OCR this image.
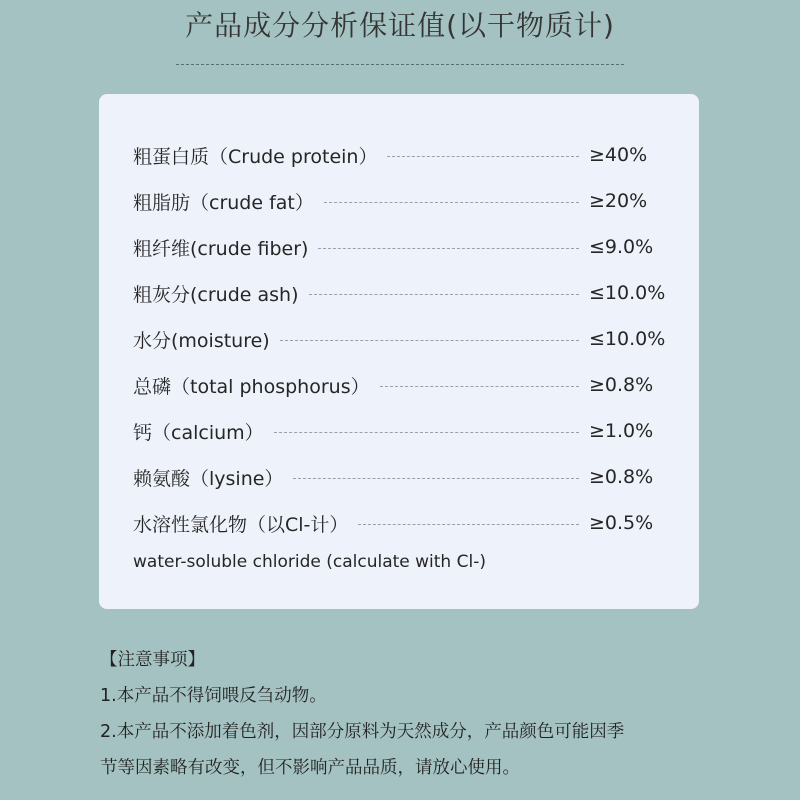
产品成分分析保证值(以干物质计)
粗蛋白质（Crude protein）	≥40%
粗脂肪（crude fat）	≥20%
粗纤维(crude fiber)	≤9.0%
粗灰分(crude ash)	≤10.0%
水分(moisture)	≤10.0%
总磷（total phosphorus）	≥0.8%
钙（calcium）	≥1.0%
赖氨酸（lysine）	≥0.8%
水溶性氯化物（以Cl-计）	≥0.5%
water-soluble chloride (calculate with Cl-)

【注意事项】

1.本产品不得饲喂反刍动物。

2.本产品不添加着色剂，因部分原料为天然成分，产品颜色可能因季

节等因素略有改变，但不影响产品品质，请放心使用。
